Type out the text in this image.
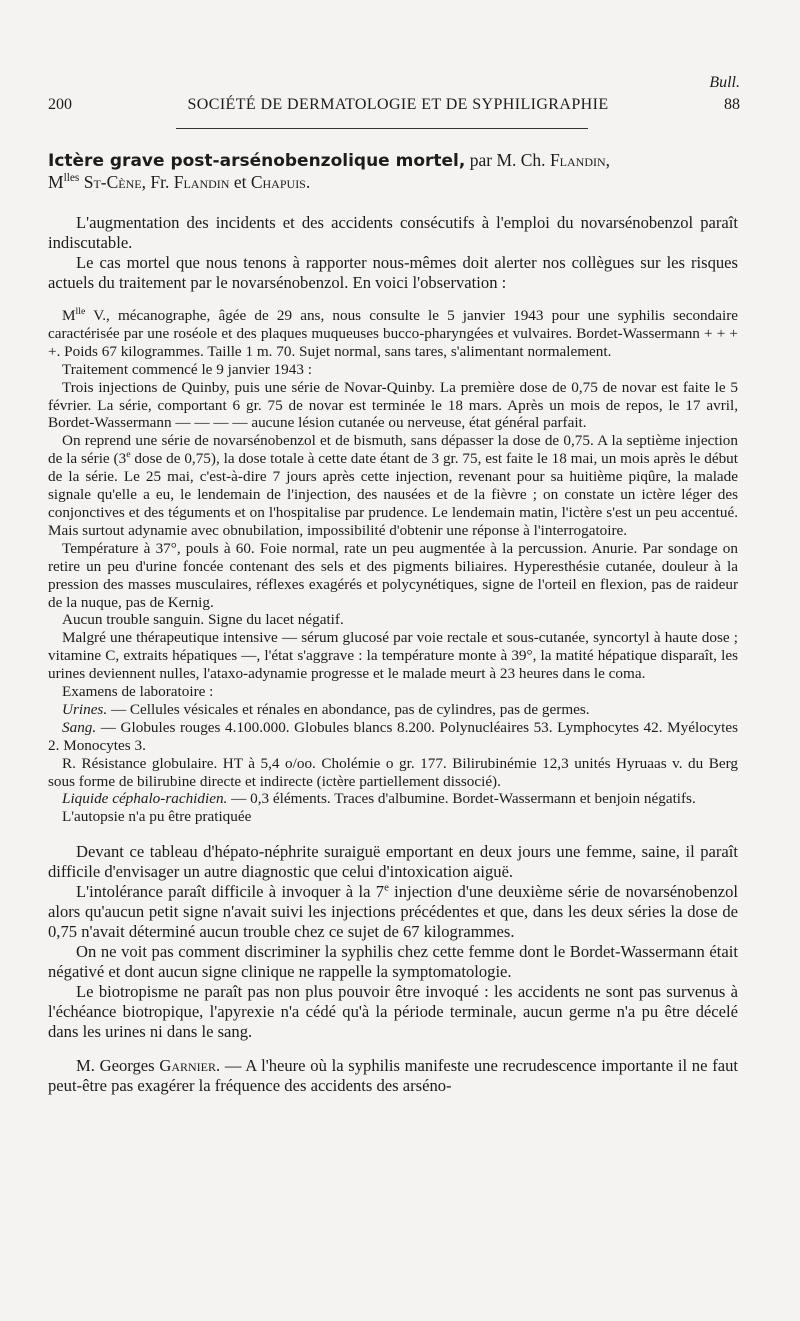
Bull.

200	SOCIÉTÉ DE DERMATOLOGIE ET DE SYPHILIGRAPHIE	88
Ictère grave post-arsénobenzolique mortel, par M. Ch. Flandin,
$M^{lles}$ St-Cène, Fr. Flandin et Chapuis.

L'augmentation des incidents et des accidents consécutifs à l'emploi du novarsénobenzol paraît indiscutable.

Le cas mortel que nous tenons à rapporter nous-mêmes doit alerter nos collègues sur les risques actuels du traitement par le novarsénobenzol. En voici l'observation :

$M^{lle}$ V., mécanographe, âgée de 29 ans, nous consulte le 5 janvier 1943 pour une syphilis secondaire caractérisée par une roséole et des plaques muqueuses bucco-pharyngées et vulvaires. Bordet-Wassermann + + + +. Poids 67 kilogrammes. Taille 1 m. 70. Sujet normal, sans tares, s'alimentant normalement.

Traitement commencé le 9 janvier 1943 :

Trois injections de Quinby, puis une série de Novar-Quinby. La première dose de 0,75 de novar est faite le 5 février. La série, comportant 6 gr. 75 de novar est terminée le 18 mars. Après un mois de repos, le 17 avril, Bordet-Wassermann — — — — aucune lésion cutanée ou nerveuse, état général parfait.

On reprend une série de novarsénobenzol et de bismuth, sans dépasser la dose de 0,75. A la septième injection de la série (3e dose de 0,75), la dose totale à cette date étant de 3 gr. 75, est faite le 18 mai, un mois après le début de la série. Le 25 mai, c'est-à-dire 7 jours après cette injection, revenant pour sa huitième piqûre, la malade signale qu'elle a eu, le lendemain de l'injection, des nausées et de la fièvre ; on constate un ictère léger des conjonctives et des téguments et on l'hospitalise par prudence. Le lendemain matin, l'ictère s'est un peu accentué. Mais surtout adynamie avec obnubilation, impossibilité d'obtenir une réponse à l'interrogatoire.

Température à 37°, pouls à 60. Foie normal, rate un peu augmentée à la percussion. Anurie. Par sondage on retire un peu d'urine foncée contenant des sels et des pigments biliaires. Hyperesthésie cutanée, douleur à la pression des masses musculaires, réflexes exagérés et polycynétiques, signe de l'orteil en flexion, pas de raideur de la nuque, pas de Kernig.

Aucun trouble sanguin. Signe du lacet négatif.

Malgré une thérapeutique intensive — sérum glucosé par voie rectale et sous-cutanée, syncortyl à haute dose ; vitamine C, extraits hépatiques —, l'état s'aggrave : la température monte à 39°, la matité hépatique disparaît, les urines deviennent nulles, l'ataxo-adynamie progresse et le malade meurt à 23 heures dans le coma.

Examens de laboratoire :

Urines. — Cellules vésicales et rénales en abondance, pas de cylindres, pas de germes.

Sang. — Globules rouges 4.100.000. Globules blancs 8.200. Polynucléaires 53. Lymphocytes 42. Myélocytes 2. Monocytes 3.

R. Résistance globulaire. HT à 5,4 o/oo. Cholémie o gr. 177. Bilirubinémie 12,3 unités Hyruaas v. du Berg sous forme de bilirubine directe et indirecte (ictère partiellement dissocié).

Liquide céphalo-rachidien. — 0,3 éléments. Traces d'albumine. Bordet-Wassermann et benjoin négatifs.

L'autopsie n'a pu être pratiquée

Devant ce tableau d'hépato-néphrite suraiguë emportant en deux jours une femme, saine, il paraît difficile d'envisager un autre diagnostic que celui d'intoxication aiguë.

L'intolérance paraît difficile à invoquer à la 7e injection d'une deuxième série de novarsénobenzol alors qu'aucun petit signe n'avait suivi les injections précédentes et que, dans les deux séries la dose de 0,75 n'avait déterminé aucun trouble chez ce sujet de 67 kilogrammes.

On ne voit pas comment discriminer la syphilis chez cette femme dont le Bordet-Wassermann était négativé et dont aucun signe clinique ne rappelle la symptomatologie.

Le biotropisme ne paraît pas non plus pouvoir être invoqué : les accidents ne sont pas survenus à l'échéance biotropique, l'apyrexie n'a cédé qu'à la période terminale, aucun germe n'a pu être décelé dans les urines ni dans le sang.

M. Georges Garnier. — A l'heure où la syphilis manifeste une recrudescence importante il ne faut peut-être pas exagérer la fréquence des accidents des arséno-
